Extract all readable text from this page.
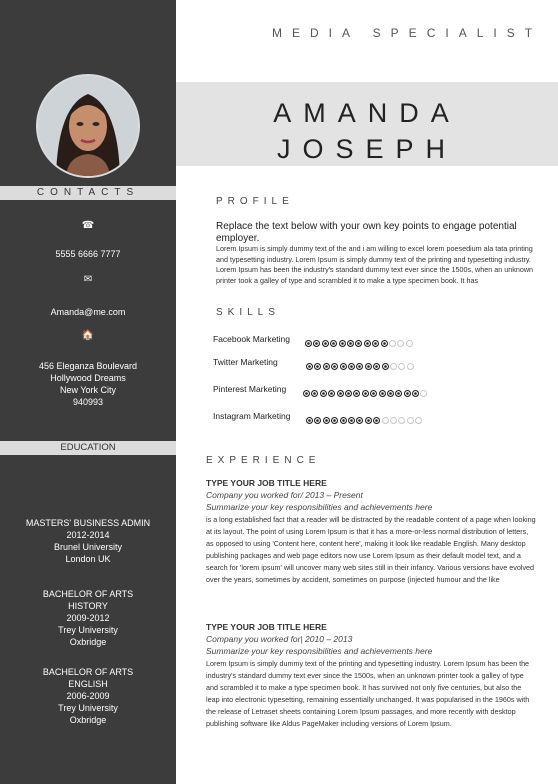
CONTACTS
☎
5555 6666 7777
✉
Amanda@me.com
🏠
456 Eleganza Boulevard
Hollywood Dreams
New York City
940993
EDUCATION
MASTERS' BUSINESS ADMIN
2012-2014
Brunel University
London UK
BACHELOR OF ARTS
HISTORY
2009-2012
Trey University
Oxbridge
BACHELOR OF ARTS
ENGLISH
2006-2009
Trey University
Oxbridge
MEDIA SPECIALIST
AMANDA
JOSEPH
PROFILE
Replace the text below with your own key points to engage potential employer.
Lorem Ipsum is simply dummy text of the and i am willing to excel lorem poesedium ala tata printing and typesetting industry. Lorem Ipsum is simply dummy text of the printing and typesetting industry. Lorem Ipsum has been the industry's standard dummy text ever since the 1500s, when an unknown printer took a galley of type and scrambled it to make a type specimen book. It has
SKILLS
Facebook Marketing
Twitter Marketing
Pinterest Marketing
Instagram Marketing
EXPERIENCE
TYPE YOUR JOB TITLE HERE
Company you worked for/ 2013 – Present
Summarize your key responsibilities and achievements here
is a long established fact that a reader will be distracted by the readable content of a page when looking at its layout. The point of using Lorem Ipsum is that it has a more-or-less normal distribution of letters, as opposed to using 'Content here, content here', making it look like readable English. Many desktop publishing packages and web page editors now use Lorem Ipsum as their default model text, and a search for 'lorem ipsum' will uncover many web sites still in their infancy. Various versions have evolved over the years, sometimes by accident, sometimes on purpose (injected humour and the like
TYPE YOUR JOB TITLE HERE
Company you worked for| 2010 – 2013
Summarize your key responsibilities and achievements here
Lorem Ipsum is simply dummy text of the printing and typesetting industry. Lorem Ipsum has been the industry's standard dummy text ever since the 1500s, when an unknown printer took a galley of type and scrambled it to make a type specimen book. It has survived not only five centuries, but also the leap into electronic typesetting, remaining essentially unchanged. It was popularised in the 1960s with the release of Letraset sheets containing Lorem Ipsum passages, and more recently with desktop publishing software like Aldus PageMaker including versions of Lorem Ipsum.
